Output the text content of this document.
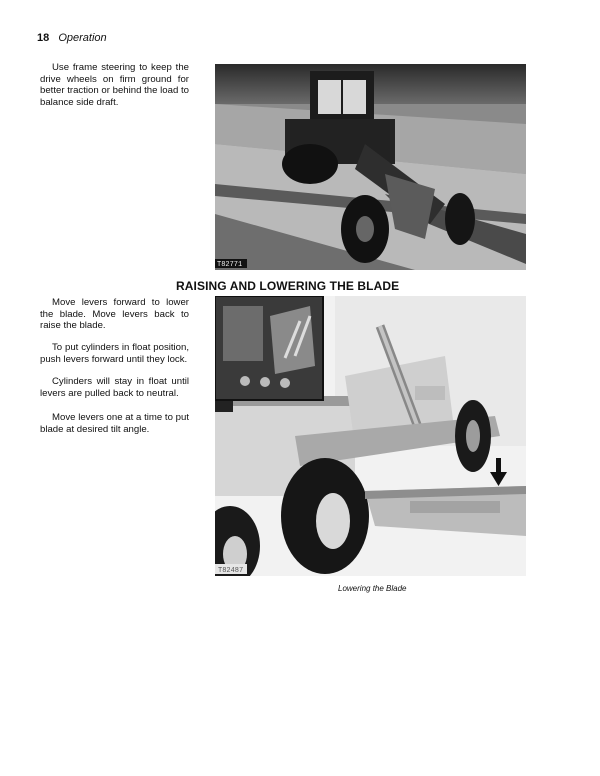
18 Operation
Use frame steering to keep the drive wheels on firm ground for better traction or behind the load to balance side draft.
T82771
RAISING AND LOWERING THE BLADE
Move levers forward to lower the blade. Move levers back to raise the blade.
To put cylinders in float position, push levers forward until they lock.
Cylinders will stay in float until levers are pulled back to neutral.
Move levers one at a time to put blade at desired tilt angle.
T82487
Lowering the Blade
